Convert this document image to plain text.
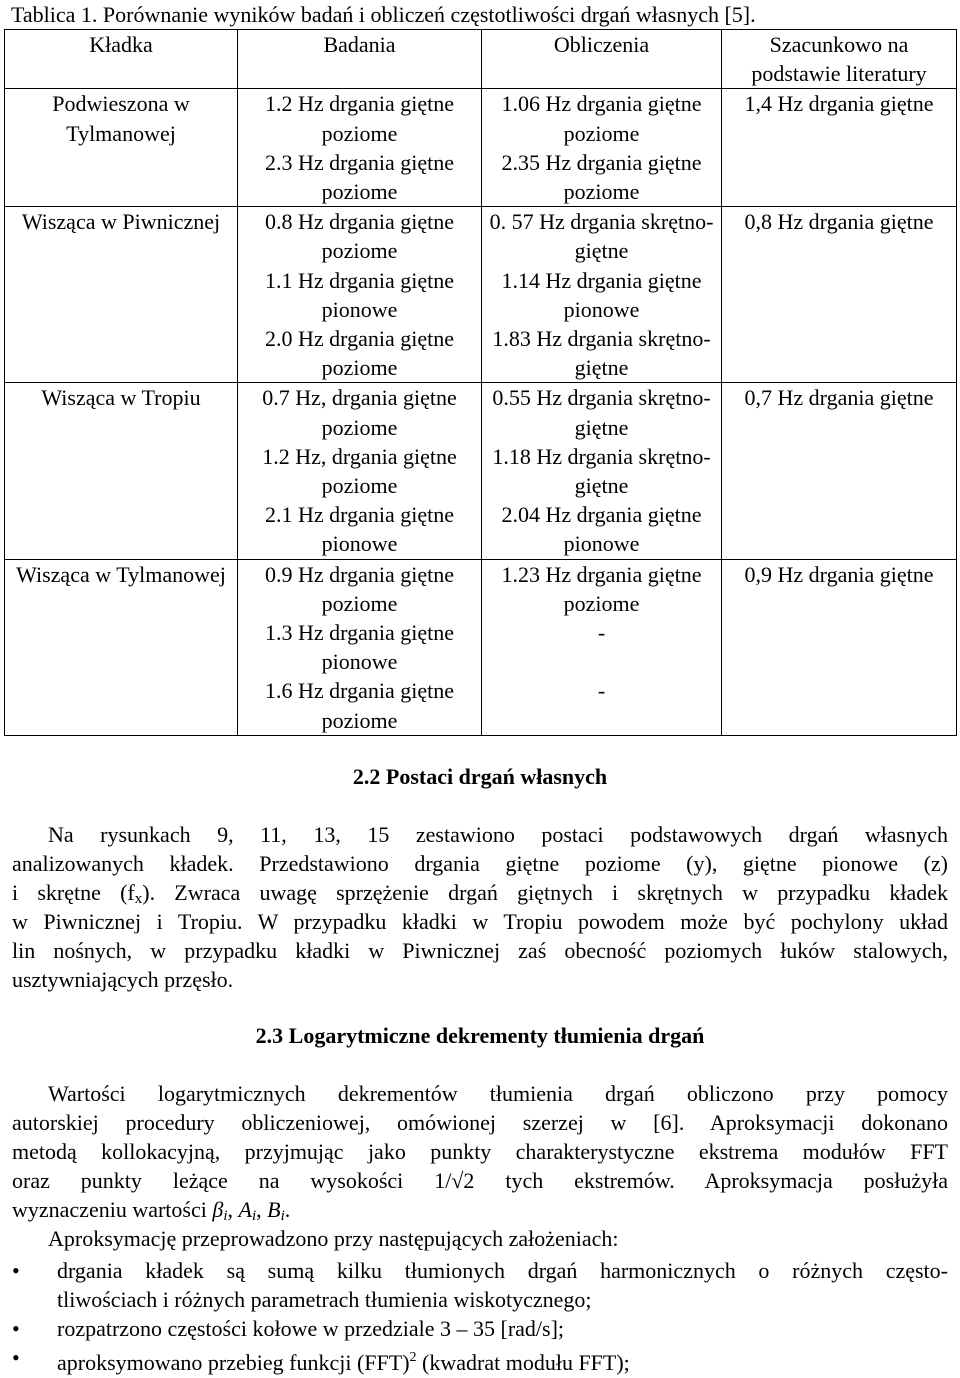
Tablica 1. Porównanie wyników badań i obliczeń częstotliwości drgań własnych [5].
Kładka	Badania	Obliczenia	Szacunkowo na podstawie literatury
Podwieszona w Tylmanowej	1.2 Hz drgania giętne poziome	1.06 Hz drgania giętne poziome	1,4 Hz drgania giętne
	2.3 Hz drgania giętne poziome	2.35 Hz drgania giętne poziome	
Wisząca w Piwnicznej	0.8 Hz drgania giętne poziome	0. 57 Hz drgania skrętno-giętne	0,8 Hz drgania giętne
	1.1 Hz drgania giętne pionowe	1.14 Hz drgania giętne pionowe	
	2.0 Hz drgania giętne poziome	1.83 Hz drgania skrętno-giętne	
Wisząca w Tropiu	0.7 Hz, drgania giętne poziome	0.55 Hz drgania skrętno-giętne	0,7 Hz drgania giętne
	1.2 Hz, drgania giętne poziome	1.18 Hz drgania skrętno-giętne	
	2.1 Hz drgania giętne pionowe	2.04 Hz drgania giętne pionowe	
Wisząca w Tylmanowej	0.9 Hz drgania giętne poziome	1.23 Hz drgania giętne poziome	0,9 Hz drgania giętne
	1.3 Hz drgania giętne pionowe	-	
	1.6 Hz drgania giętne poziome	-	
2.2 Postaci drgań własnych
Na rysunkach 9, 11, 13, 15 zestawiono postaci podstawowych drgań własnych
analizowanych kładek. Przedstawiono drgania giętne poziome (y), giętne pionowe (z)
i skrętne $(f_x)$. Zwraca uwagę sprzężenie drgań giętnych i skrętnych w przypadku kładek
w Piwnicznej i Tropiu. W przypadku kładki w Tropiu powodem może być pochylony układ
lin nośnych, w przypadku kładki w Piwnicznej zaś obecność poziomych łuków stalowych,
usztywniających przęsło.
2.3 Logarytmiczne dekrementy tłumienia drgań
Wartości logarytmicznych dekrementów tłumienia drgań obliczono przy pomocy
autorskiej procedury obliczeniowej, omówionej szerzej w [6]. Aproksymacji dokonano
metodą kollokacyjną, przyjmując jako punkty charakterystyczne ekstrema modułów FFT
oraz punkty leżące na wysokości 1/√2 tych ekstremów. Aproksymacja posłużyła
wyznaczeniu wartości $\beta_i$, $A_i$, $B_i$.
Aproksymację przeprowadzono przy następujących założeniach:
• drgania kładek są sumą kilku tłumionych drgań harmonicznych o różnych często-
tliwościach i różnych parametrach tłumienia wiskotycznego;
• rozpatrzono częstości kołowe w przedziale 3 – 35 [rad/s];
• aproksymowano przebieg funkcji (FFT)$^2$ (kwadrat modułu FFT);
